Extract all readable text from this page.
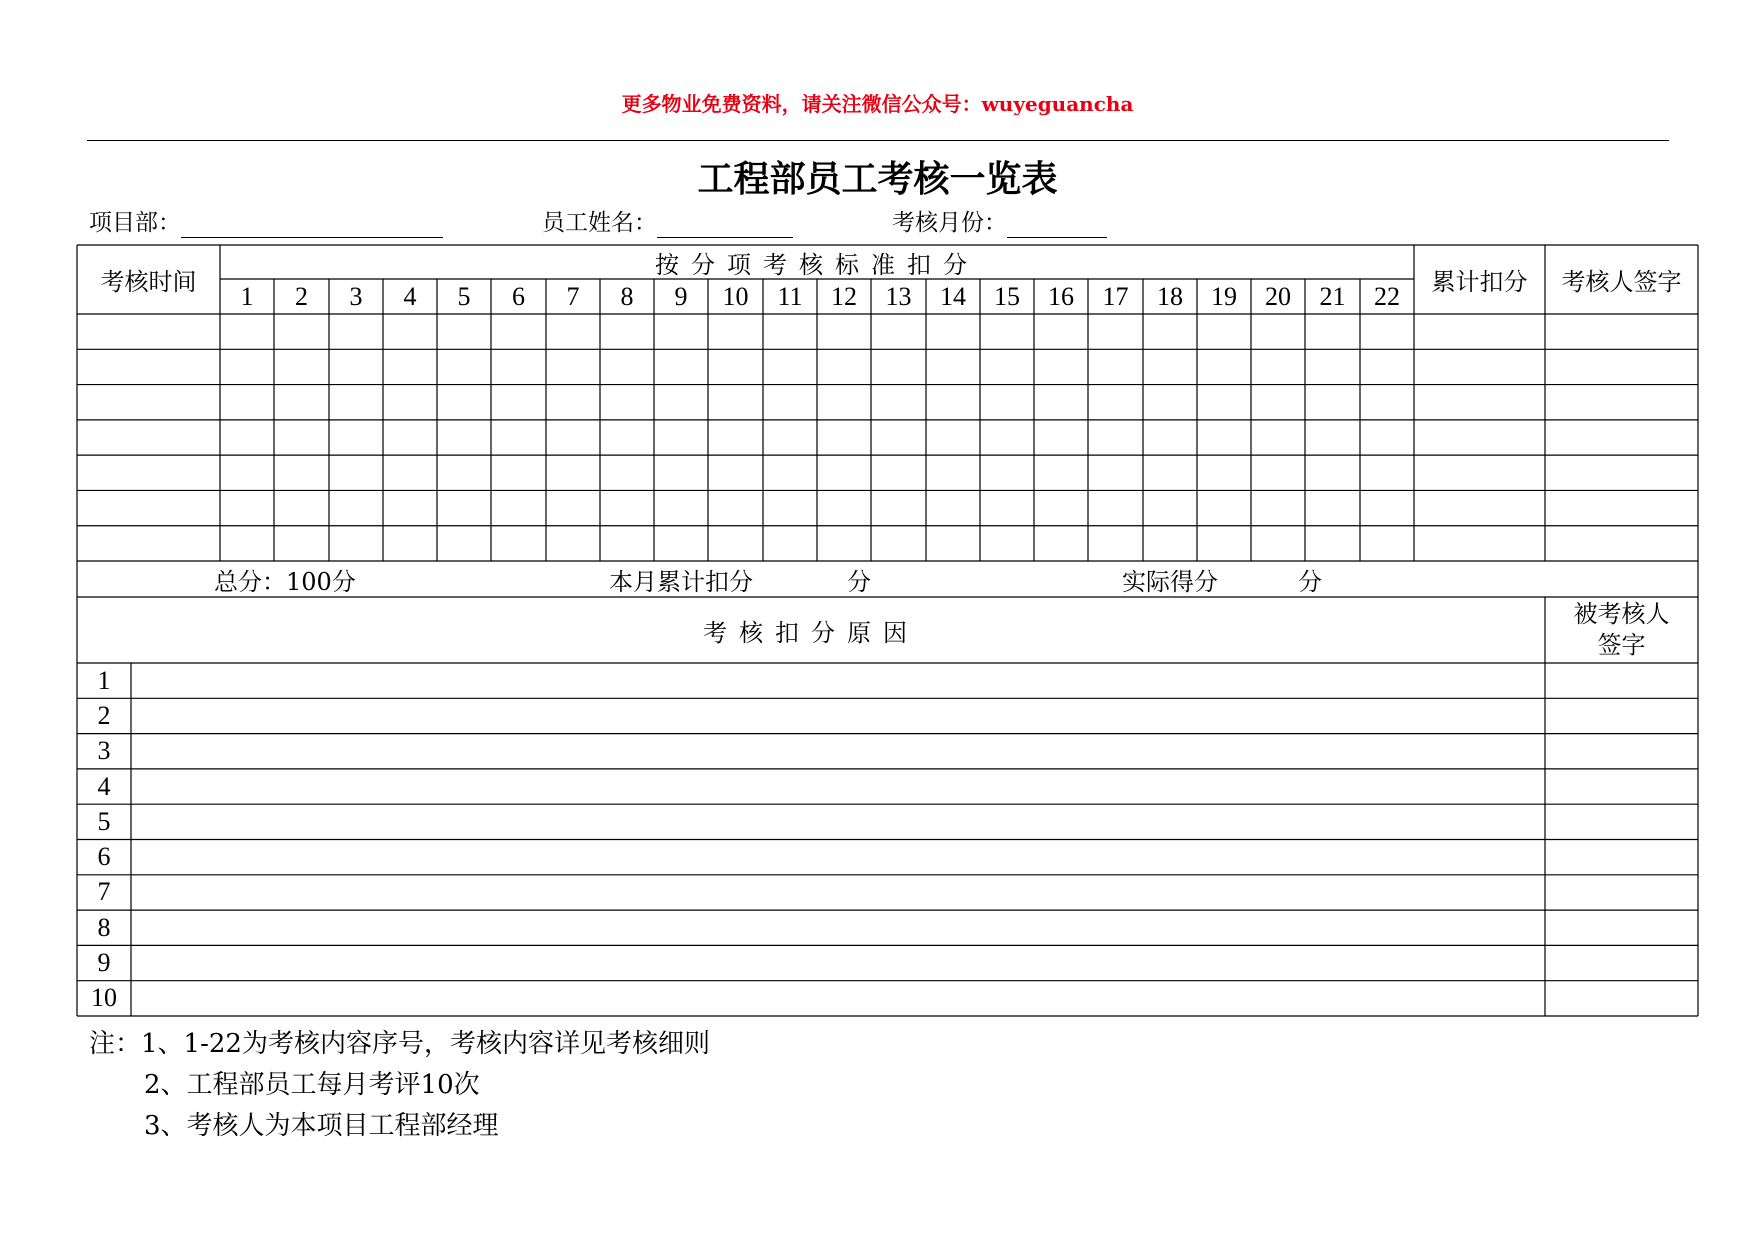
更多物业免费资料，请关注微信公众号：wuyeguancha
工程部员工考核一览表
项目部：	员工姓名：	考核月份：
考核时间
按分项考核标准扣分
1	2	3	4	5	6	7	8	9	10	11	12	13	14	15	16	17	18	19	20	21	22	累计扣分	考核人签字
总分：100分	本月累计扣分	分	实际得分	分
考核扣分原因
被考核人
签字
1
2
3
4
5
6
7
8
9
10
注：1、1-22为考核内容序号，考核内容详见考核细则
2、工程部员工每月考评10次
3、考核人为本项目工程部经理
